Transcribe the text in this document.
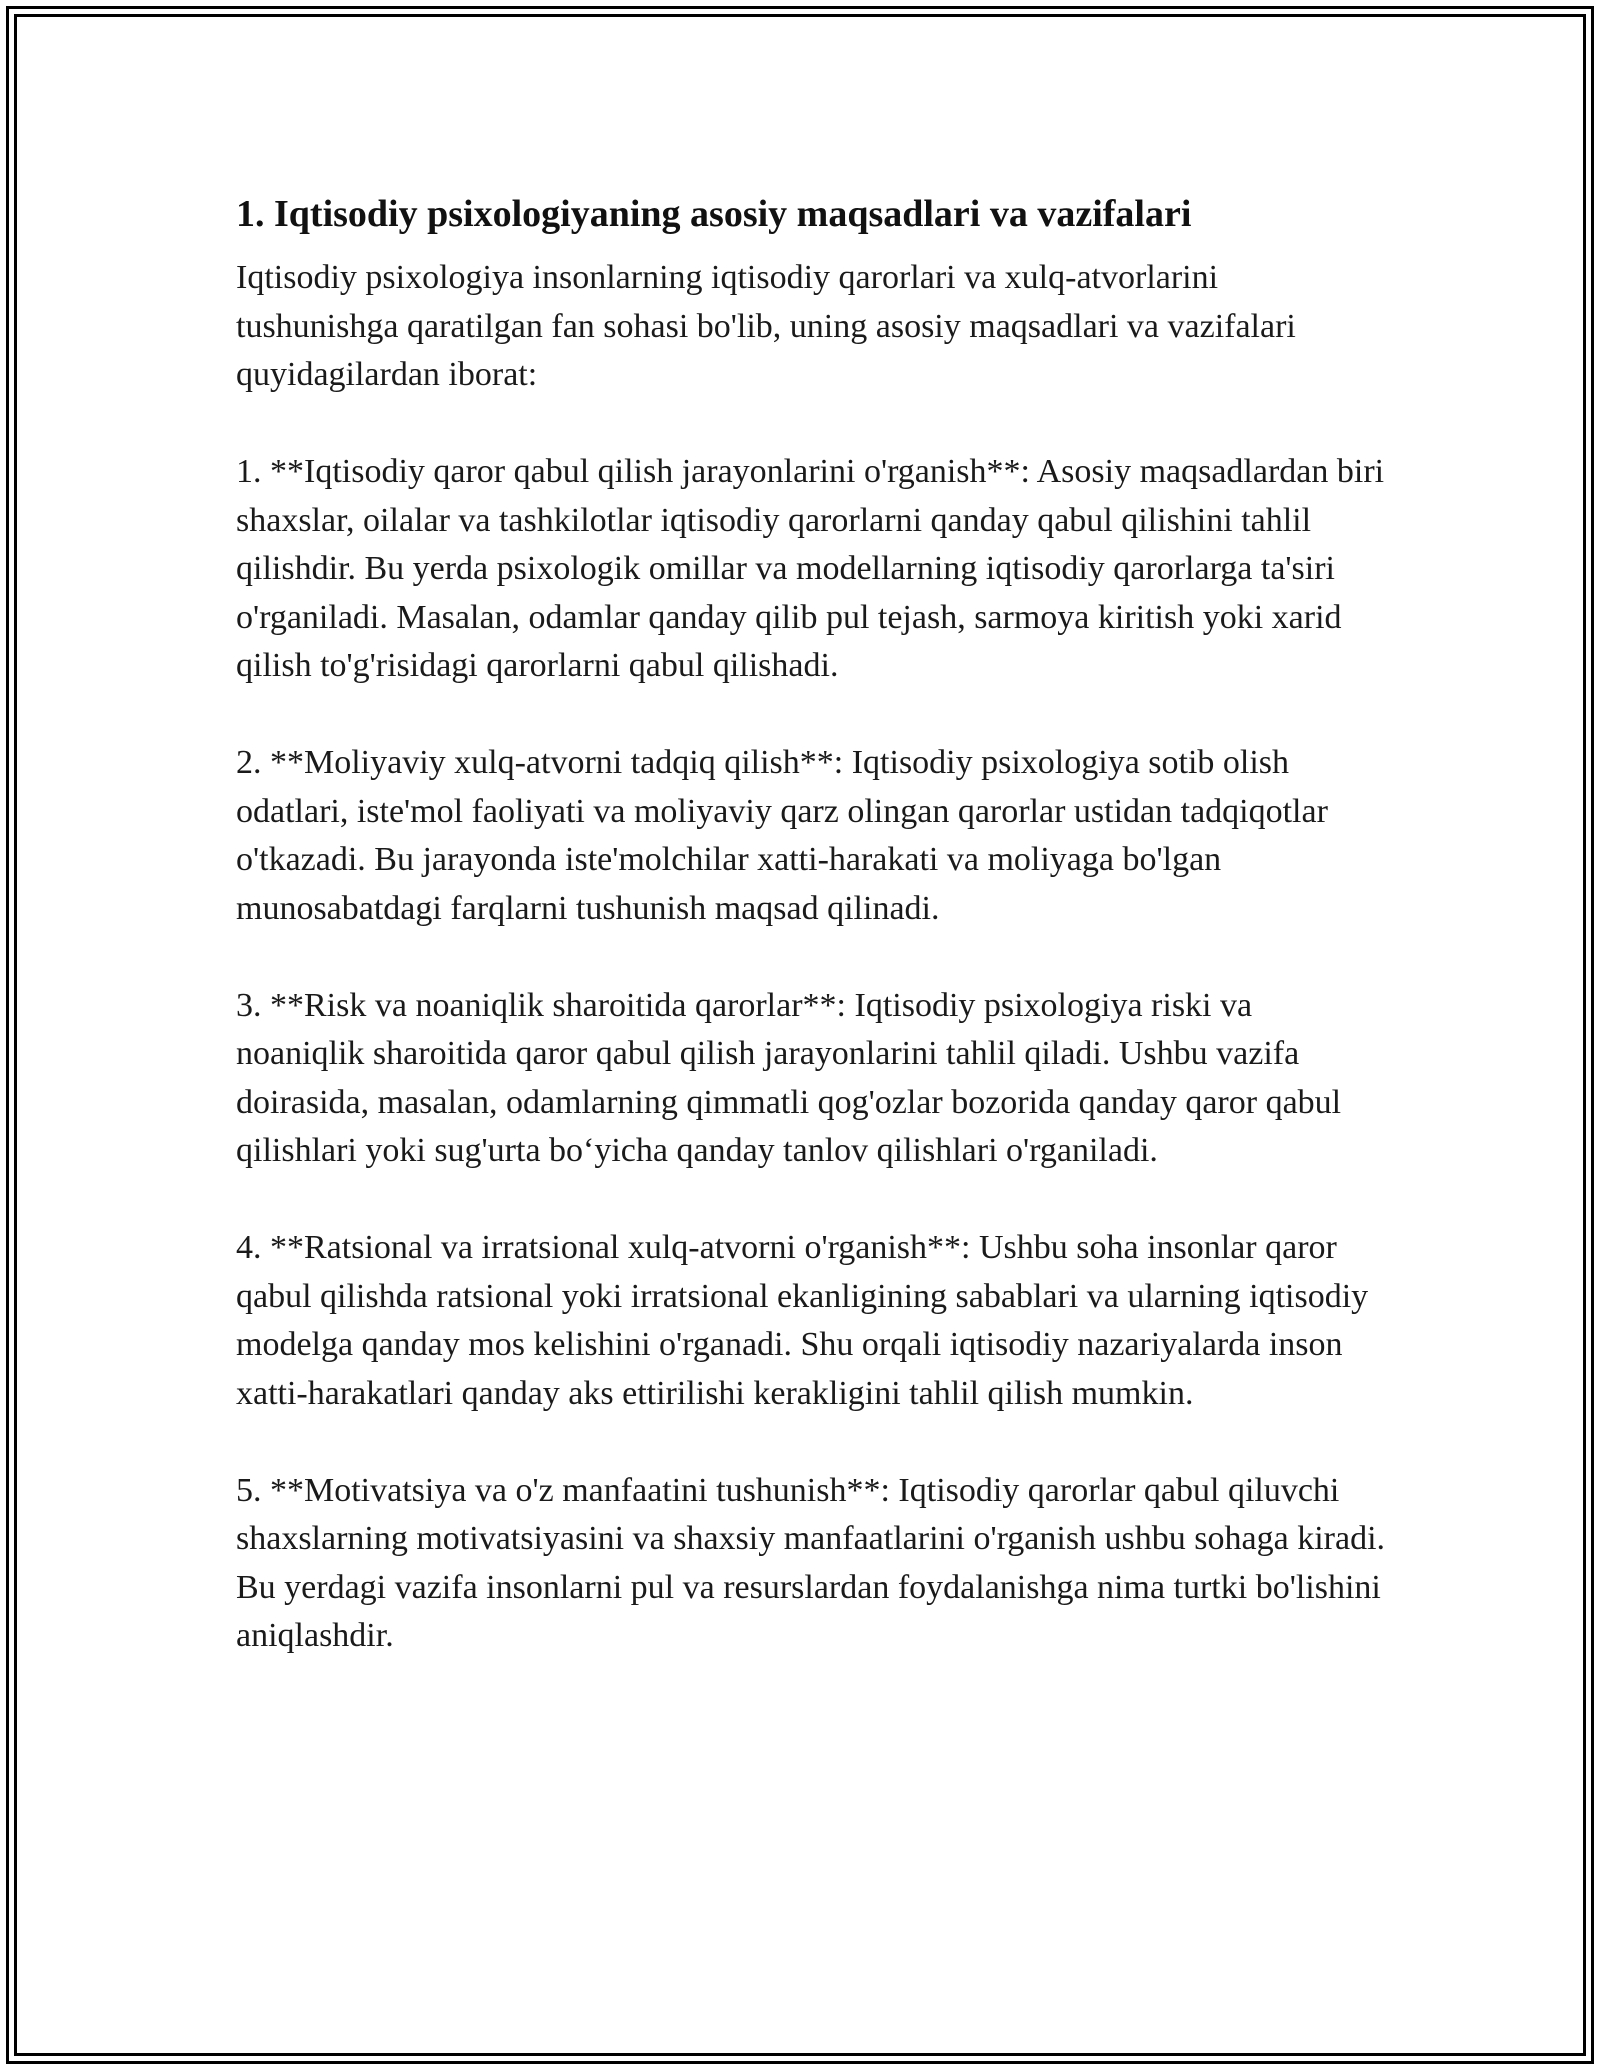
1. Iqtisodiy psixologiyaning asosiy maqsadlari va vazifalari

Iqtisodiy psixologiya insonlarning iqtisodiy qarorlari va xulq-atvorlarini tushunishga qaratilgan fan sohasi bo'lib, uning asosiy maqsadlari va vazifalari quyidagilardan iborat:

1. **Iqtisodiy qaror qabul qilish jarayonlarini o'rganish**: Asosiy maqsadlardan biri shaxslar, oilalar va tashkilotlar iqtisodiy qarorlarni qanday qabul qilishini tahlil qilishdir. Bu yerda psixologik omillar va modellarning iqtisodiy qarorlarga ta'siri o'rganiladi. Masalan, odamlar qanday qilib pul tejash, sarmoya kiritish yoki xarid qilish to'g'risidagi qarorlarni qabul qilishadi.

2. **Moliyaviy xulq-atvorni tadqiq qilish**: Iqtisodiy psixologiya sotib olish odatlari, iste'mol faoliyati va moliyaviy qarz olingan qarorlar ustidan tadqiqotlar o'tkazadi. Bu jarayonda iste'molchilar xatti-harakati va moliyaga bo'lgan munosabatdagi farqlarni tushunish maqsad qilinadi.

3. **Risk va noaniqlik sharoitida qarorlar**: Iqtisodiy psixologiya riski va noaniqlik sharoitida qaror qabul qilish jarayonlarini tahlil qiladi. Ushbu vazifa doirasida, masalan, odamlarning qimmatli qog'ozlar bozorida qanday qaror qabul qilishlari yoki sug'urta bo‘yicha qanday tanlov qilishlari o'rganiladi.

4. **Ratsional va irratsional xulq-atvorni o'rganish**: Ushbu soha insonlar qaror qabul qilishda ratsional yoki irratsional ekanligining sabablari va ularning iqtisodiy modelga qanday mos kelishini o'rganadi. Shu orqali iqtisodiy nazariyalarda inson xatti-harakatlari qanday aks ettirilishi kerakligini tahlil qilish mumkin.

5. **Motivatsiya va o'z manfaatini tushunish**: Iqtisodiy qarorlar qabul qiluvchi shaxslarning motivatsiyasini va shaxsiy manfaatlarini o'rganish ushbu sohaga kiradi. Bu yerdagi vazifa insonlarni pul va resurslardan foydalanishga nima turtki bo'lishini aniqlashdir.
